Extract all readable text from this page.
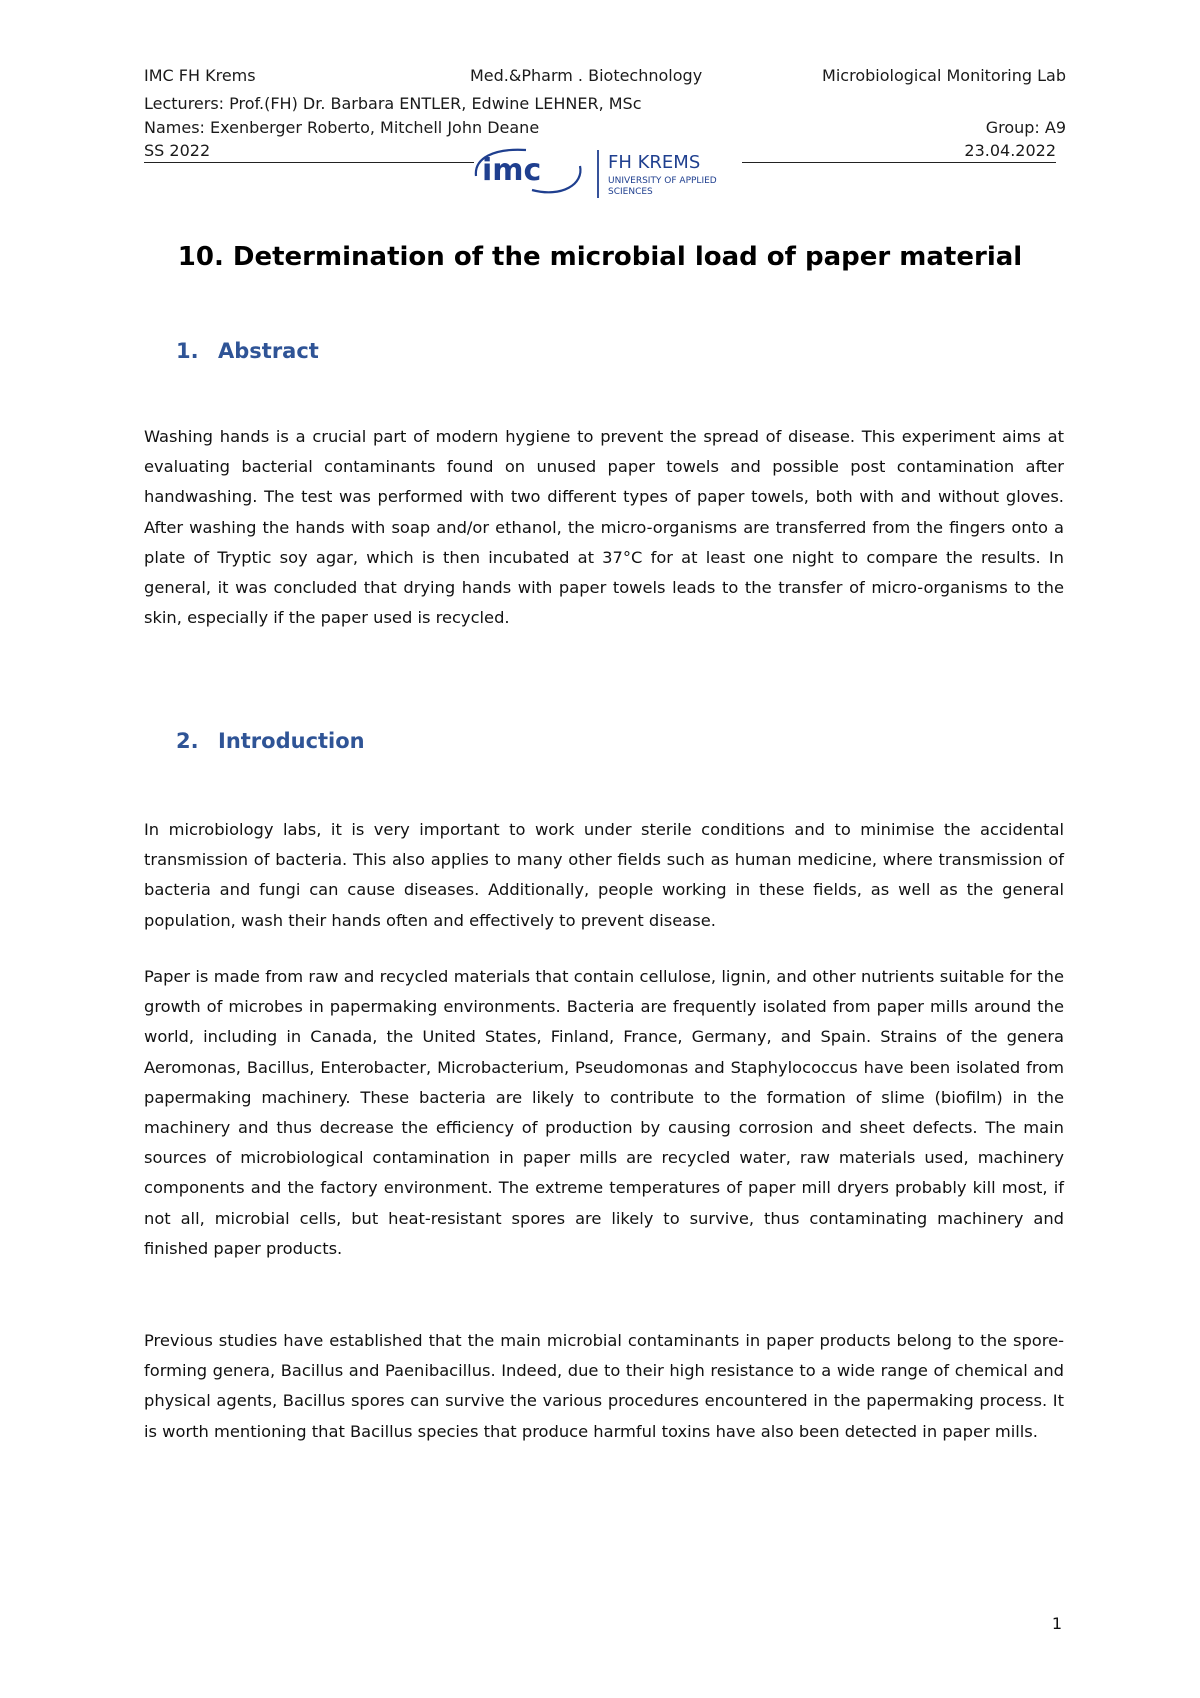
IMC FH Krems	Med.&Pharm . Biotechnology	Microbiological Monitoring Lab
Lecturers: Prof.(FH) Dr. Barbara ENTLER, Edwine LEHNER, MSc
Names: Exenberger Roberto, Mitchell John Deane	Group: A9
SS 2022	23.04.2022
imc	FH KREMS
UNIVERSITY OF APPLIED
SCIENCES
10. Determination of the microbial load of paper material
1. Abstract

Washing hands is a crucial part of modern hygiene to prevent the spread of disease. This experiment aims at evaluating bacterial contaminants found on unused paper towels and possible post contamination after handwashing. The test was performed with two different types of paper towels, both with and without gloves. After washing the hands with soap and/or ethanol, the micro-organisms are transferred from the fingers onto a plate of Tryptic soy agar, which is then incubated at 37°C for at least one night to compare the results. In general, it was concluded that drying hands with paper towels leads to the transfer of micro-organisms to the skin, especially if the paper used is recycled.

2. Introduction

In microbiology labs, it is very important to work under sterile conditions and to minimise the accidental transmission of bacteria. This also applies to many other fields such as human medicine, where transmission of bacteria and fungi can cause diseases. Additionally, people working in these fields, as well as the general population, wash their hands often and effectively to prevent disease.

Paper is made from raw and recycled materials that contain cellulose, lignin, and other nutrients suitable for the growth of microbes in papermaking environments. Bacteria are frequently isolated from paper mills around the world, including in Canada, the United States, Finland, France, Germany, and Spain. Strains of the genera Aeromonas, Bacillus, Enterobacter, Microbacterium, Pseudomonas and Staphylococcus have been isolated from papermaking machinery. These bacteria are likely to contribute to the formation of slime (biofilm) in the machinery and thus decrease the efficiency of production by causing corrosion and sheet defects. The main sources of microbiological contamination in paper mills are recycled water, raw materials used, machinery components and the factory environment. The extreme temperatures of paper mill dryers probably kill most, if not all, microbial cells, but heat-resistant spores are likely to survive, thus contaminating machinery and finished paper products.

Previous studies have established that the main microbial contaminants in paper products belong to the spore-forming genera, Bacillus and Paenibacillus. Indeed, due to their high resistance to a wide range of chemical and physical agents, Bacillus spores can survive the various procedures encountered in the papermaking process. It is worth mentioning that Bacillus species that produce harmful toxins have also been detected in paper mills.

1
